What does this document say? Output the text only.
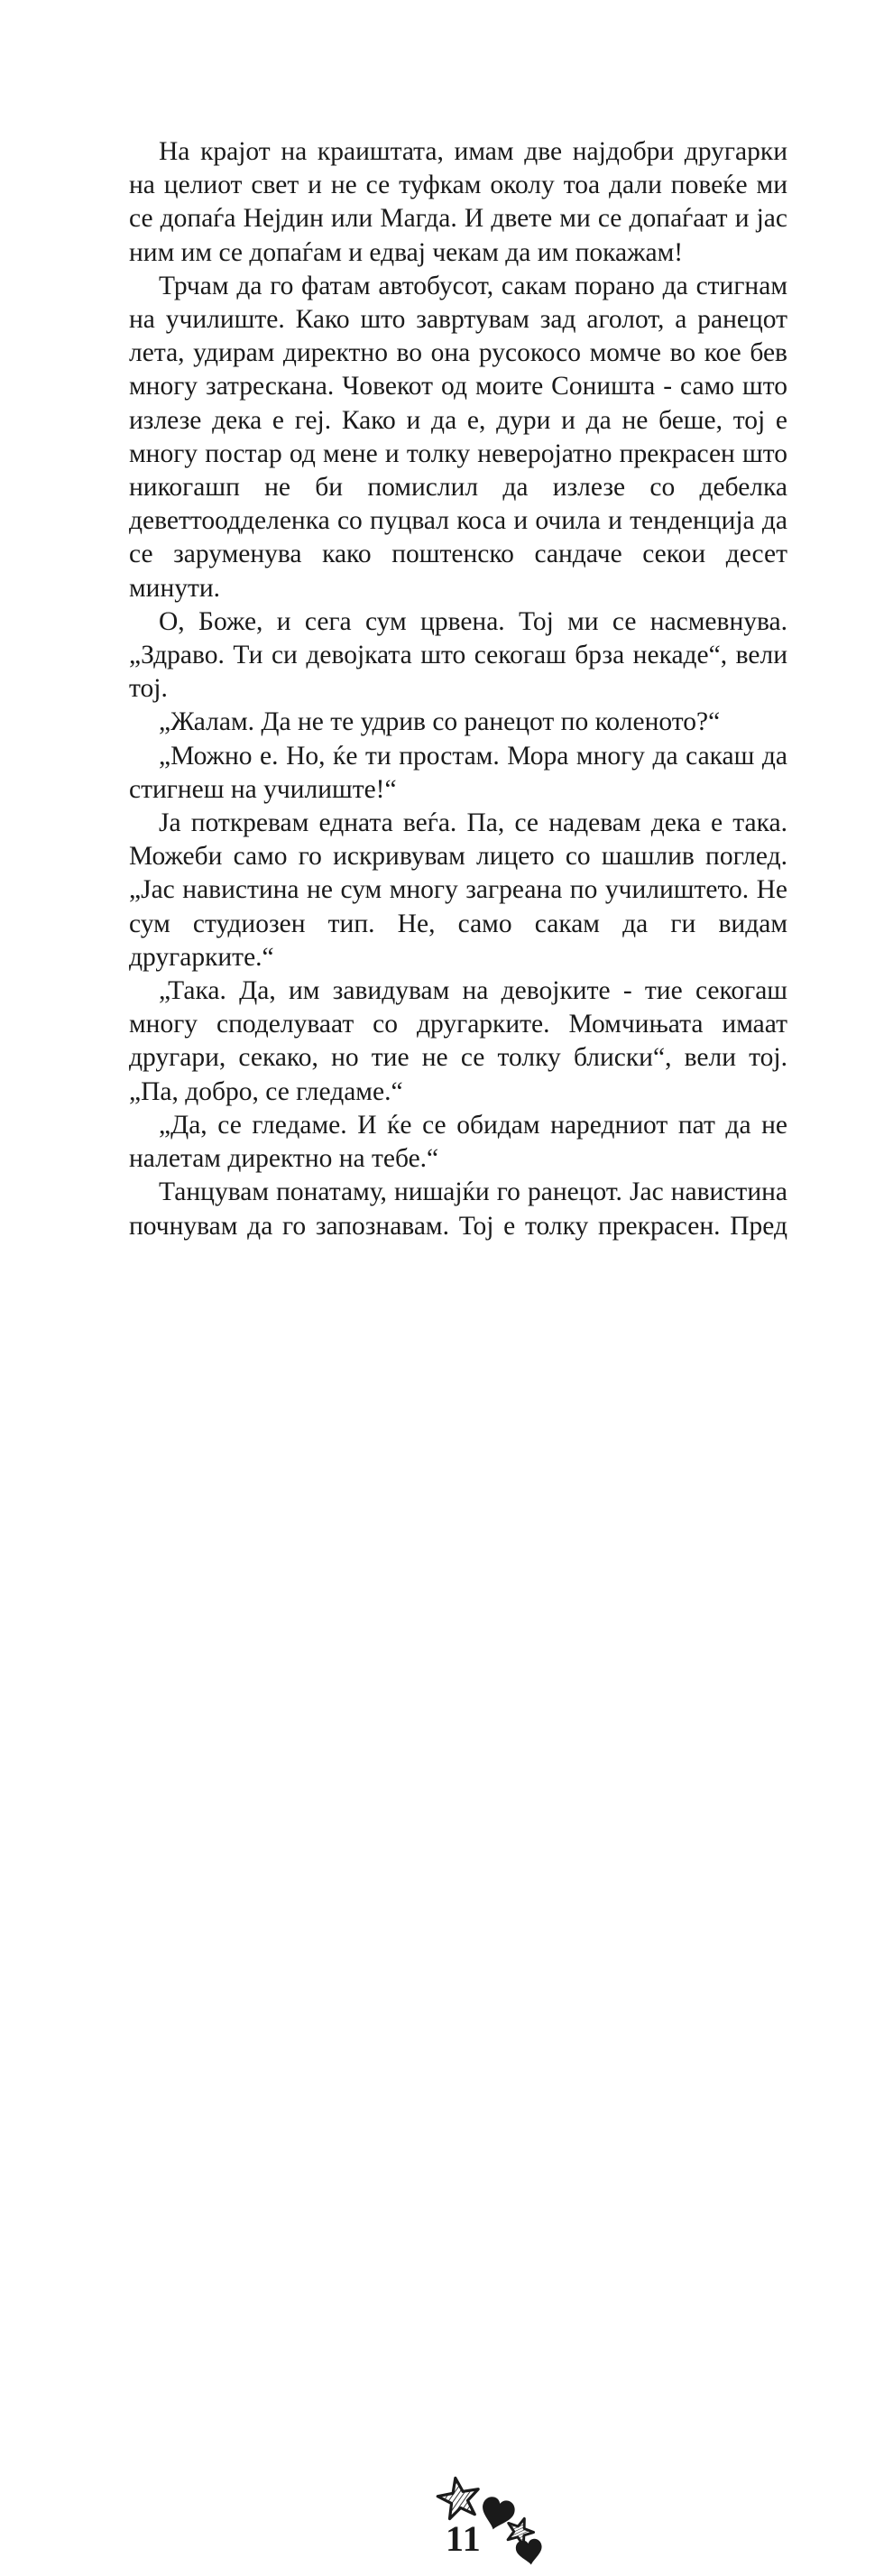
На крајот на краиштата, имам две најдобри другарки на целиот свет и не се туфкам околу тоа дали повеќе ми се допаѓа Нејдин или Магда. И двете ми се допаѓаат и јас ним им се допаѓам и едвај чекам да им покажам!

Трчам да го фатам автобусот, сакам порано да стигнам на училиште. Како што завртувам зад аголот, а ранецот лета, удирам директно во она русокосо момче во кое бев многу затрескана. Човекот од моите Соништа - само што излезе дека е геј. Како и да е, дури и да не беше, тој е многу постар од мене и толку неверојатно прекрасен што никогашп не би помислил да излезе со дебелка деветтоодделенка со пуцвал коса и очила и тенденција да се заруменува како поштенско сандаче секои десет минути.

О, Боже, и сега сум црвена. Тој ми се насмевнува. „Здраво. Ти си девојката што секогаш брза некаде“, вели тој.

„Жалам. Да не те удрив со ранецот по коленото?“

„Можно е. Но, ќе ти простам. Мора многу да сакаш да стигнеш на училиште!“

Ја поткревам едната веѓа. Па, се надевам дека е така. Можеби само го искривувам лицето со шашлив поглед. „Јас навистина не сум многу загреана по училиштето. Не сум студиозен тип. Не, само сакам да ги видам другарките.“

„Така. Да, им завидувам на девојките - тие секогаш многу споделуваат со другарките. Момчињата имаат другари, секако, но тие не се толку блиски“, вели тој. „Па, добро, се гледаме.“

„Да, се гледаме. И ќе се обидам наредниот пат да не налетам директно на тебе.“

Танцувам понатаму, нишајќи го ранецот. Јас навистина почнувам да го запознавам. Тој е толку прекрасен. Пред

11
